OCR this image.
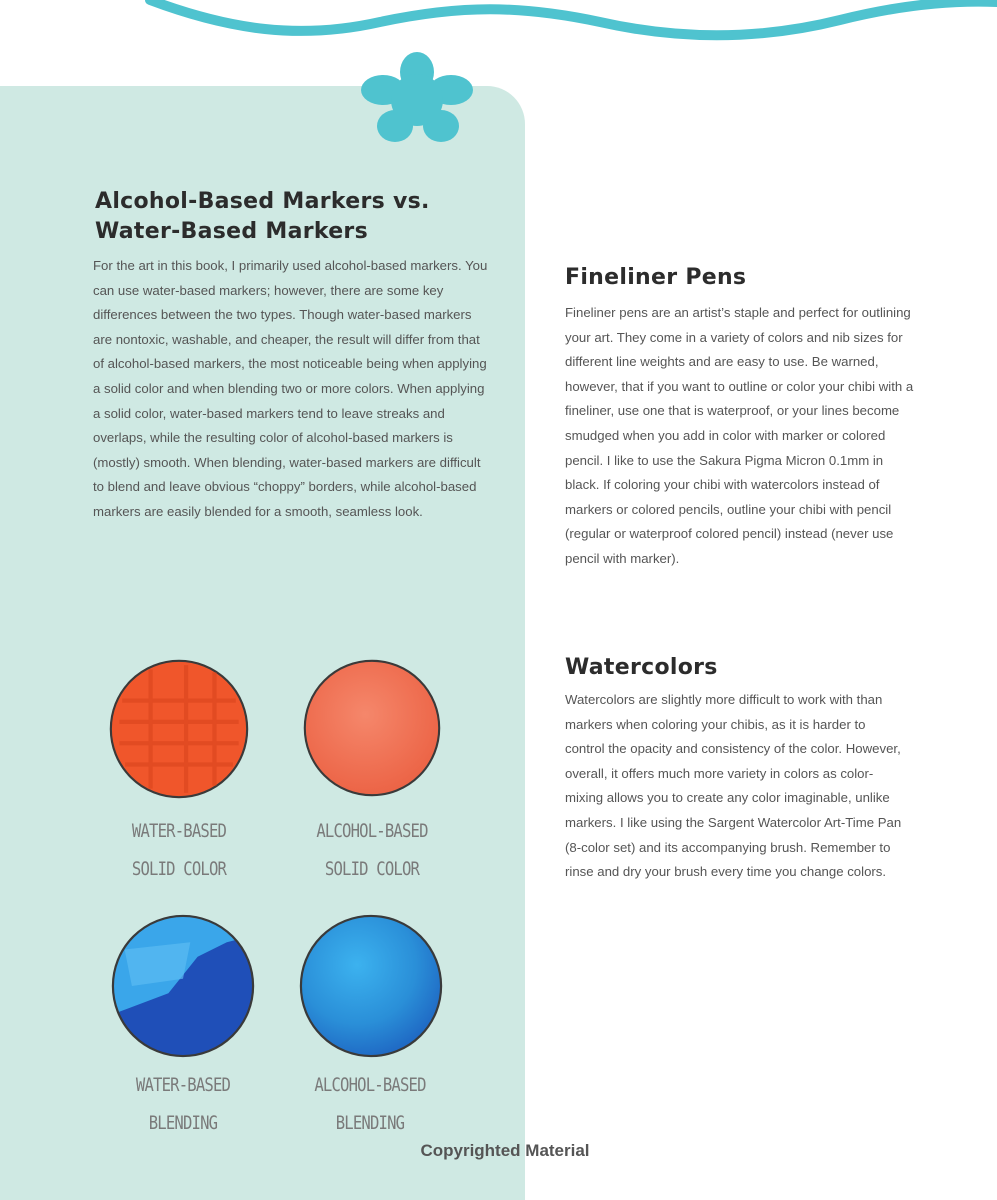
Alcohol-Based Markers vs.
Water-Based Markers
For the art in this book, I primarily used alcohol-based markers. You can use water-based markers; however, there are some key differences between the two types. Though water-based markers are nontoxic, washable, and cheaper, the result will differ from that of alcohol-based markers, the most noticeable being when applying a solid color and when blending two or more colors. When applying a solid color, water-based markers tend to leave streaks and overlaps, while the resulting color of alcohol-based markers is (mostly) smooth. When blending, water-based markers are difficult to blend and leave obvious “choppy” borders, while alcohol-based markers are easily blended for a smooth, seamless look.
WATER-BASED
SOLID COLOR
ALCOHOL-BASED
SOLID COLOR
WATER-BASED
BLENDING
ALCOHOL-BASED
BLENDING
Fineliner Pens
Fineliner pens are an artist’s staple and perfect for outlining your art. They come in a variety of colors and nib sizes for different line weights and are easy to use. Be warned, however, that if you want to outline or color your chibi with a fineliner, use one that is waterproof, or your lines become smudged when you add in color with marker or colored pencil. I like to use the Sakura Pigma Micron 0.1mm in black. If coloring your chibi with watercolors instead of markers or colored pencils, outline your chibi with pencil (regular or waterproof colored pencil) instead (never use pencil with marker).
Watercolors
Watercolors are slightly more difficult to work with than markers when coloring your chibis, as it is harder to control the opacity and consistency of the color. However, overall, it offers much more variety in colors as color-mixing allows you to create any color imaginable, unlike markers. I like using the Sargent Watercolor Art-Time Pan (8-color set) and its accompanying brush. Remember to rinse and dry your brush every time you change colors.
Copyrighted Material
